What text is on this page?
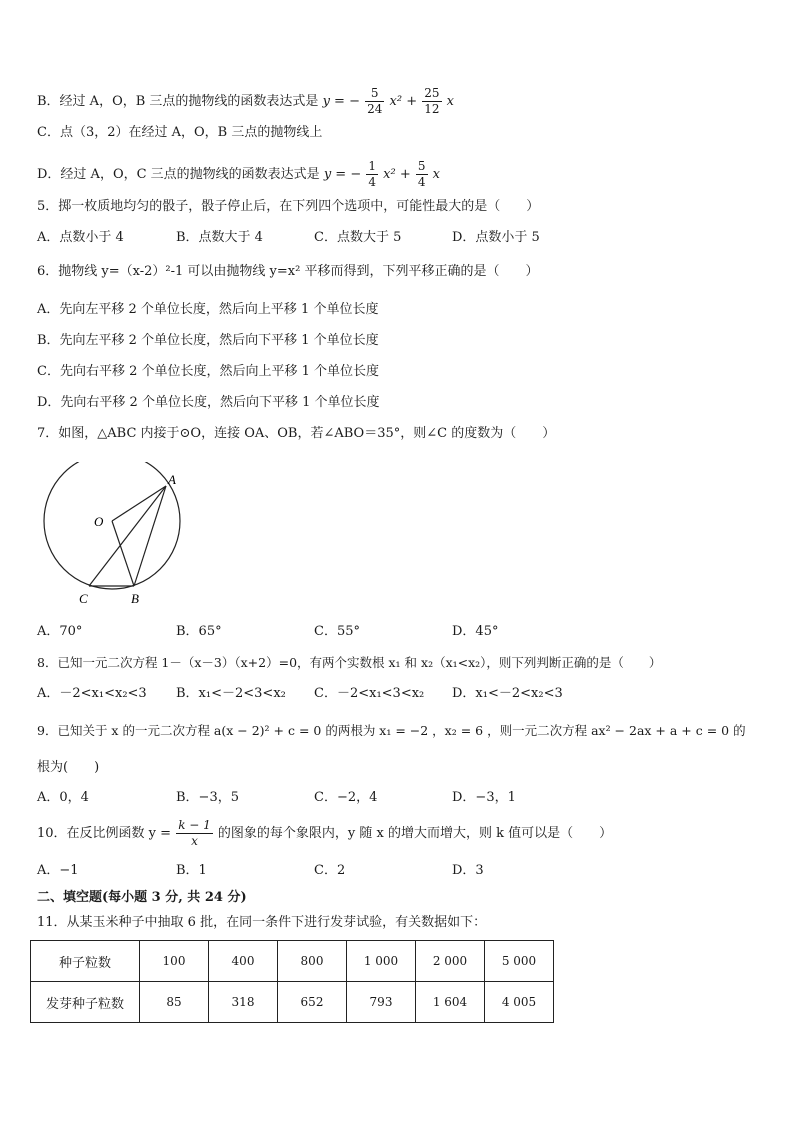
B．经过 A，O，B 三点的抛物线的函数表达式是 y = − $\frac{5}{24} x^2 + \frac{25}{12}$ x
C．点（3，2）在经过 A，O，B 三点的抛物线上
D．经过 A，O，C 三点的抛物线的函数表达式是 y = − $\frac{1}{4} x^2 + \frac{5}{4}$ x
5．掷一枚质地均匀的骰子，骰子停止后，在下列四个选项中，可能性最大的是（　　）
A．点数小于 4	B．点数大于 4	C．点数大于 5	D．点数小于 5
6．抛物线 y=（x-2）²-1 可以由抛物线 y=x² 平移而得到，下列平移正确的是（　　）
A．先向左平移 2 个单位长度，然后向上平移 1 个单位长度
B．先向左平移 2 个单位长度，然后向下平移 1 个单位长度
C．先向右平移 2 个单位长度，然后向上平移 1 个单位长度
D．先向右平移 2 个单位长度，然后向下平移 1 个单位长度
7．如图，△ABC 内接于⊙O，连接 OA、OB，若∠ABO＝35°，则∠C 的度数为（　　）
A
O
C	B
A．70°	B．65°	C．55°	D．45°
8．已知一元二次方程 1－（x－3）（x+2）=0，有两个实数根 x₁ 和 x₂（x₁<x₂），则下列判断正确的是（　　）
A．－2<x₁<x₂<3 B．x₁<－2<3<x₂ C．－2<x₁<3<x₂ D．x₁<－2<x₂<3
9．已知关于 x 的一元二次方程 a(x − 2)² + c = 0 的两根为 x₁ = −2 ，x₂ = 6 ，则一元二次方程 ax² − 2ax + a + c = 0 的
根为(　　)
A．0，4	B．−3，5	C．−2，4	D．−3，1
10．在反比例函数 $y = \frac{k - 1}{x}$ 的图象的每个象限内，y 随 x 的增大而增大，则 k 值可以是（　　）
A．−1	B．1	C．2	D．3
二、填空题(每小题 3 分, 共 24 分)
11．从某玉米种子中抽取 6 批，在同一条件下进行发芽试验，有关数据如下：
种子粒数	100	400	800	1 000	2 000	5 000
发芽种子粒数	85	318	652	793	1 604	4 005
